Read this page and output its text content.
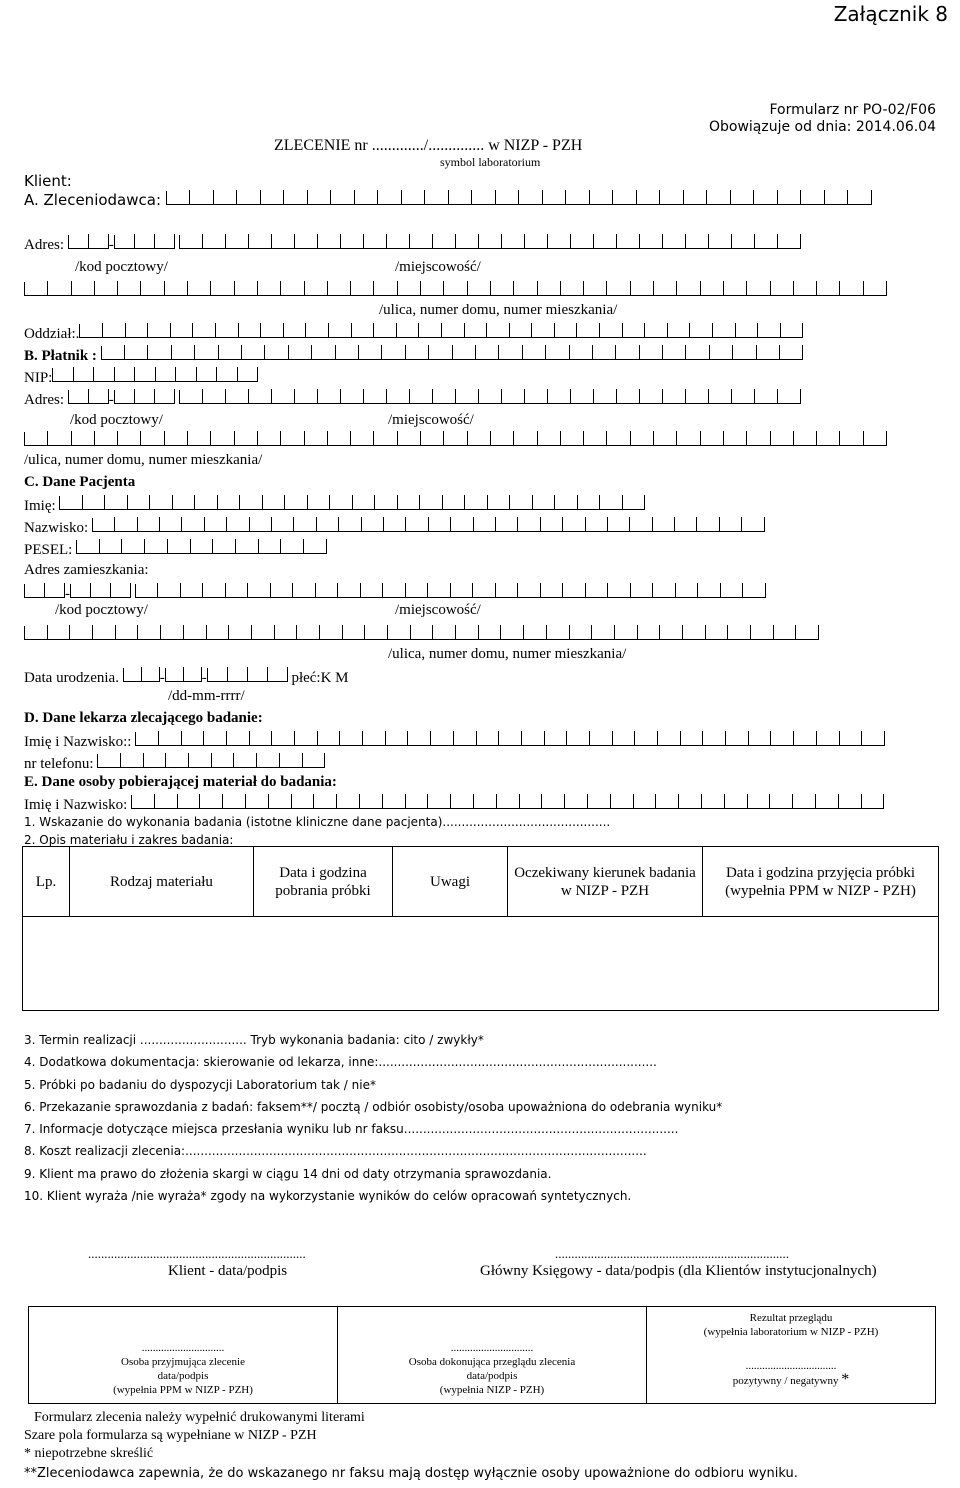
Załącznik 8
Formularz nr PO-02/F06
Obowiązuje od dnia: 2014.06.04
ZLECENIE nr ............./.............. w NIZP - PZH
symbol laboratorium
Klient:
A. Zleceniodawca:
Adres:	-

/kod pocztowy/	/miejscowość/
/ulica, numer domu, numer mieszkania/
Oddział:.
B. Płatnik :
NIP:
Adres:	-

/kod pocztowy/	/miejscowość/
/ulica, numer domu, numer mieszkania/
C. Dane Pacjenta
Imię:
Nazwisko:
PESEL:
Adres zamieszkania:
-

/kod pocztowy/	/miejscowość/
/ulica, numer domu, numer mieszkania/
Data urodzenia.	- -	płeć:K M
/dd-mm-rrrr/
D. Dane lekarza zlecającego badanie:
Imię i Nazwisko::
nr telefonu:
E. Dane osoby pobierającej materiał do badania:
Imię i Nazwisko:
1. Wskazanie do wykonania badania (istotne kliniczne dane pacjenta)............................................
2. Opis materiału i zakres badania:
Lp.	Rodzaj materiału	Data i godzina pobrania próbki	Uwagi	Oczekiwany kierunek badania w NIZP - PZH	Data i godzina przyjęcia próbki (wypełnia PPM w NIZP - PZH)

3. Termin realizacji ............................ Tryb wykonania badania: cito / zwykły*
4. Dodatkowa dokumentacja: skierowanie od lekarza, inne:.........................................................................
5. Próbki po badaniu do dyspozycji Laboratorium tak / nie*
6. Przekazanie sprawozdania z badań: faksem**/ pocztą / odbiór osobisty/osoba upoważniona do odebrania wyniku*
7. Informacje dotyczące miejsca przesłania wyniku lub nr faksu........................................................................
8. Koszt realizacji zlecenia:.........................................................................................................................
9. Klient ma prawo do złożenia skargi w ciągu 14 dni od daty otrzymania sprawozdania.
10. Klient wyraża /nie wyraża* zgody na wykorzystanie wyników do celów opracowań syntetycznych.
...................................................................	........................................................................
Klient - data/podpis	Główny Księgowy - data/podpis (dla Klientów instytucjonalnych)
..............................
Osoba przyjmująca zlecenie
data/podpis
(wypełnia PPM w NIZP - PZH)

..............................
Osoba dokonująca przeglądu zlecenia
data/podpis
(wypełnia NIZP - PZH)

Rezultat przeglądu
(wypełnia laboratorium w NIZP - PZH)
.................................
pozytywny / negatywny *
Formularz zlecenia należy wypełnić drukowanymi literami
Szare pola formularza są wypełniane w NIZP - PZH
* niepotrzebne skreślić
**Zleceniodawca zapewnia, że do wskazanego nr faksu mają dostęp wyłącznie osoby upoważnione do odbioru wyniku.
